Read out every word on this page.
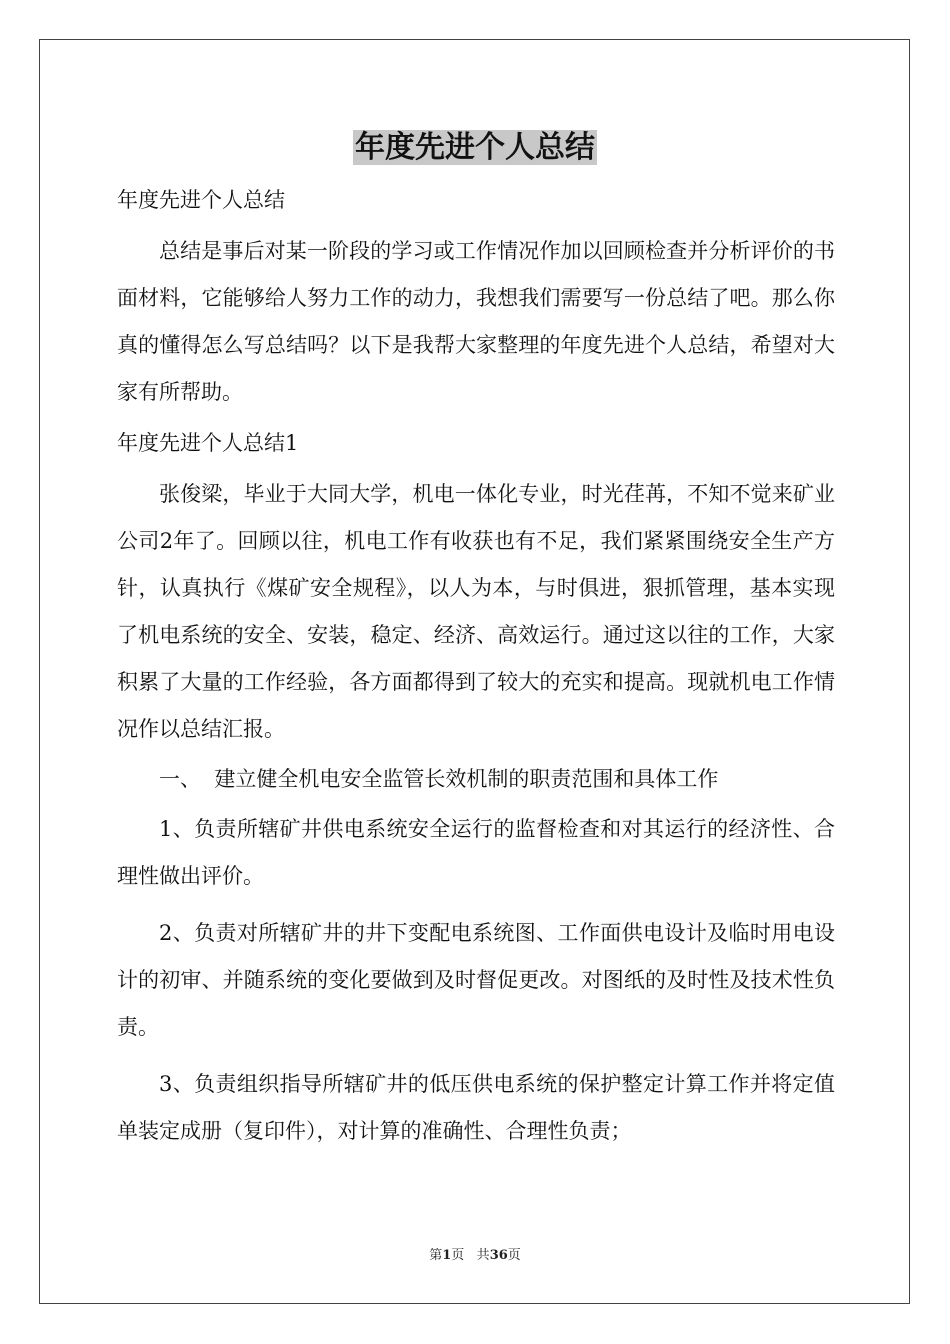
年度先进个人总结

年度先进个人总结

总结是事后对某一阶段的学习或工作情况作加以回顾检查并分析评价的书面材料，它能够给人努力工作的动力，我想我们需要写一份总结了吧。那么你真的懂得怎么写总结吗？以下是我帮大家整理的年度先进个人总结，希望对大家有所帮助。

年度先进个人总结1

张俊梁，毕业于大同大学，机电一体化专业，时光荏苒，不知不觉来矿业公司2年了。回顾以往，机电工作有收获也有不足，我们紧紧围绕安全生产方针，认真执行《煤矿安全规程》，以人为本，与时俱进，狠抓管理，基本实现了机电系统的安全、安装，稳定、经济、高效运行。通过这以往的工作，大家积累了大量的工作经验，各方面都得到了较大的充实和提高。现就机电工作情况作以总结汇报。

一、  建立健全机电安全监管长效机制的职责范围和具体工作

1、负责所辖矿井供电系统安全运行的监督检查和对其运行的经济性、合理性做出评价。

2、负责对所辖矿井的井下变配电系统图、工作面供电设计及临时用电设计的初审、并随系统的变化要做到及时督促更改。对图纸的及时性及技术性负责。

3、负责组织指导所辖矿井的低压供电系统的保护整定计算工作并将定值单装定成册（复印件），对计算的准确性、合理性负责；

第1页 共36页
